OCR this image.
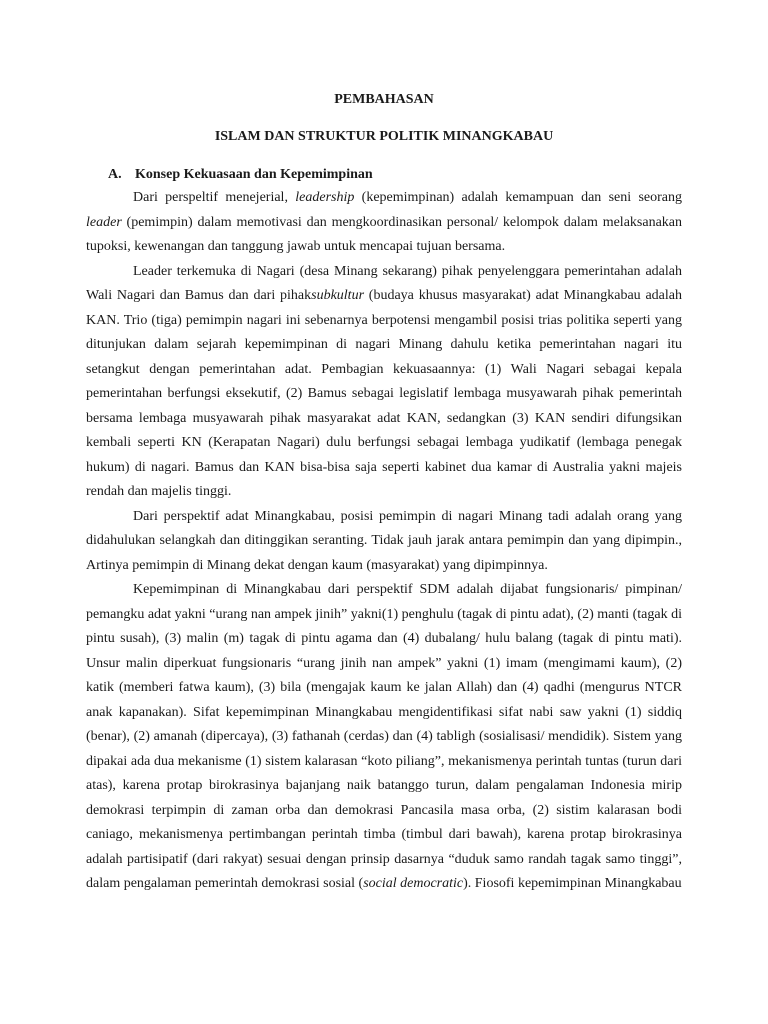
PEMBAHASAN
ISLAM DAN STRUKTUR POLITIK MINANGKABAU
A. Konsep Kekuasaan dan Kepemimpinan

Dari perspeltif menejerial, leadership (kepemimpinan) adalah kemampuan dan seni seorang leader (pemimpin) dalam memotivasi dan mengkoordinasikan personal/ kelompok dalam melaksanakan tupoksi, kewenangan dan tanggung jawab untuk mencapai tujuan bersama.

Leader terkemuka di Nagari (desa Minang sekarang) pihak penyelenggara pemerintahan adalah Wali Nagari dan Bamus dan dari pihaksubkultur (budaya khusus masyarakat) adat Minangkabau adalah KAN. Trio (tiga) pemimpin nagari ini sebenarnya berpotensi mengambil posisi trias politika seperti yang ditunjukan dalam sejarah kepemimpinan di nagari Minang dahulu ketika pemerintahan nagari itu setangkut dengan pemerintahan adat. Pembagian kekuasaannya: (1) Wali Nagari sebagai kepala pemerintahan berfungsi eksekutif, (2) Bamus sebagai legislatif lembaga musyawarah pihak pemerintah bersama lembaga musyawarah pihak masyarakat adat KAN, sedangkan (3) KAN sendiri difungsikan kembali seperti KN (Kerapatan Nagari) dulu berfungsi sebagai lembaga yudikatif (lembaga penegak hukum) di nagari. Bamus dan KAN bisa-bisa saja seperti kabinet dua kamar di Australia yakni majeis rendah dan majelis tinggi.

Dari perspektif adat Minangkabau, posisi pemimpin di nagari Minang tadi adalah orang yang didahulukan selangkah dan ditinggikan seranting. Tidak jauh jarak antara pemimpin dan yang dipimpin., Artinya pemimpin di Minang dekat dengan kaum (masyarakat) yang dipimpinnya.

Kepemimpinan di Minangkabau dari perspektif SDM adalah dijabat fungsionaris/ pimpinan/ pemangku adat yakni “urang nan ampek jinih” yakni(1) penghulu (tagak di pintu adat), (2) manti (tagak di pintu susah), (3) malin (m) tagak di pintu agama dan (4) dubalang/ hulu balang (tagak di pintu mati). Unsur malin diperkuat fungsionaris “urang jinih nan ampek” yakni (1) imam (mengimami kaum), (2) katik (memberi fatwa kaum), (3) bila (mengajak kaum ke jalan Allah) dan (4) qadhi (mengurus NTCR anak kapanakan). Sifat kepemimpinan Minangkabau mengidentifikasi sifat nabi saw yakni (1) siddiq (benar), (2) amanah (dipercaya), (3) fathanah (cerdas) dan (4) tabligh (sosialisasi/ mendidik). Sistem yang dipakai ada dua mekanisme (1) sistem kalarasan “koto piliang”, mekanismenya perintah tuntas (turun dari atas), karena protap birokrasinya bajanjang naik batanggo turun, dalam pengalaman Indonesia mirip demokrasi terpimpin di zaman orba dan demokrasi Pancasila masa orba, (2) sistim kalarasan bodi caniago, mekanismenya pertimbangan perintah timba (timbul dari bawah), karena protap birokrasinya adalah partisipatif (dari rakyat) sesuai dengan prinsip dasarnya “duduk samo randah tagak samo tinggi”, dalam pengalaman pemerintah demokrasi sosial (social democratic). Fiosofi kepemimpinan Minangkabau
